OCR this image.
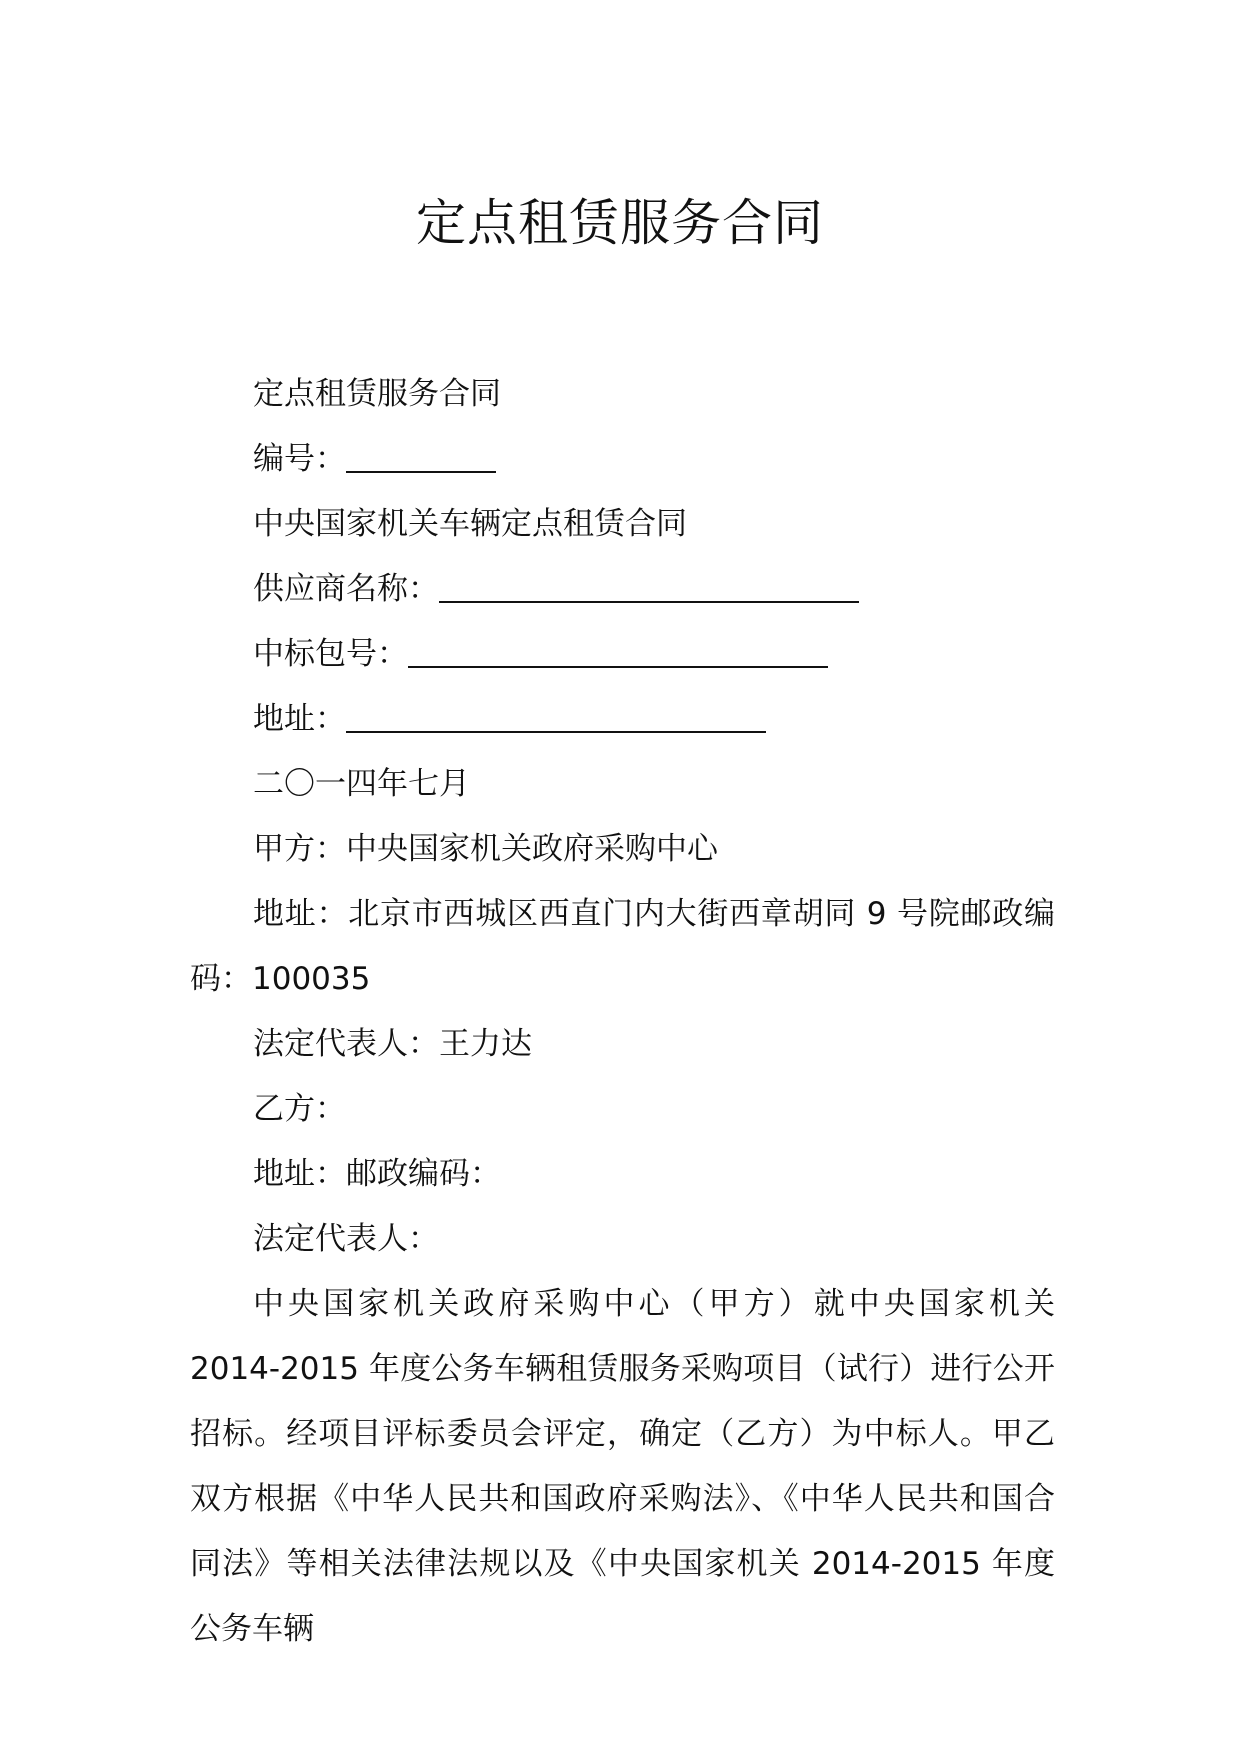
定点租赁服务合同
定点租赁服务合同
编号：
中央国家机关车辆定点租赁合同
供应商名称：
中标包号：
地址：
二〇一四年七月
甲方：中央国家机关政府采购中心

地址：北京市西城区西直门内大街西章胡同 9 号院邮政编码：100035

法定代表人：王力达
乙方：
地址：邮政编码：
法定代表人：

中央国家机关政府采购中心（甲方）就中央国家机关 2014-2015 年度公务车辆租赁服务采购项目（试行）进行公开招标。经项目评标委员会评定，确定（乙方）为中标人。甲乙双方根据《中华人民共和国政府采购法》、《中华人民共和国合同法》等相关法律法规以及《中央国家机关 2014-2015 年度公务车辆
